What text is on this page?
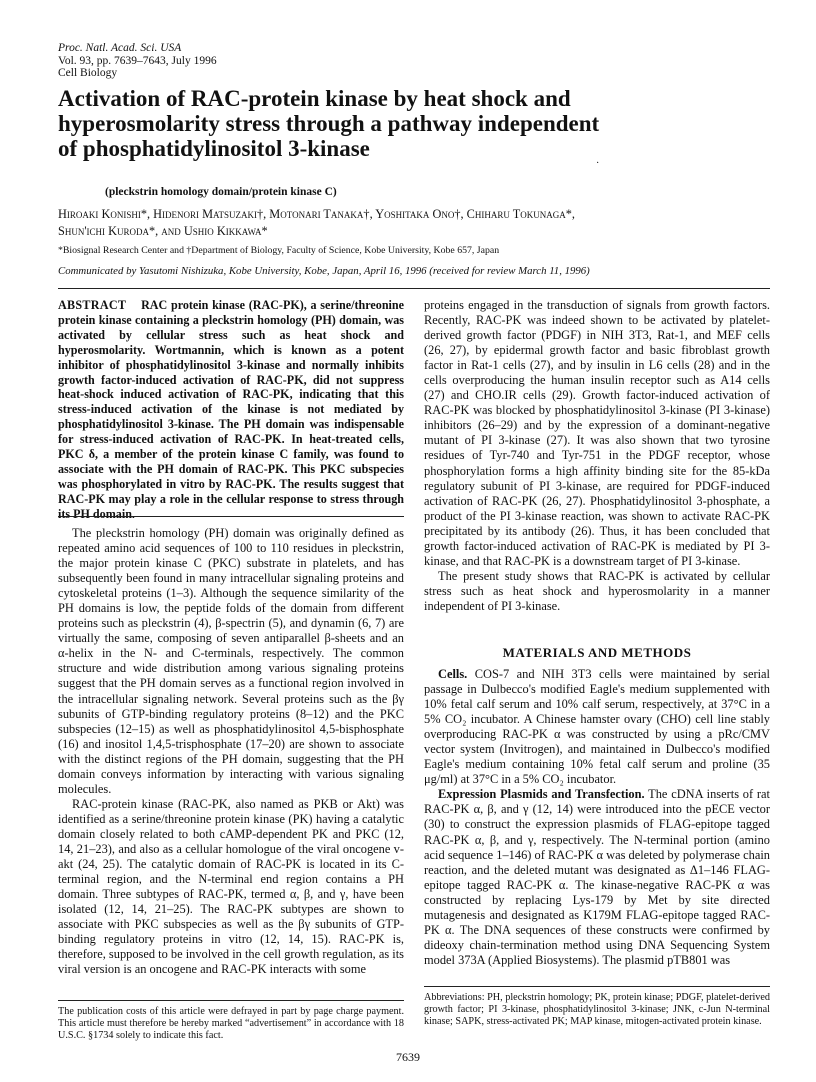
Proc. Natl. Acad. Sci. USA
Vol. 93, pp. 7639–7643, July 1996
Cell Biology
Activation of RAC-protein kinase by heat shock and
hyperosmolarity stress through a pathway independent
of phosphatidylinositol 3-kinase
·
(pleckstrin homology domain/protein kinase C)
Hiroaki Konishi*, Hidenori Matsuzaki†, Motonari Tanaka†, Yoshitaka Ono†, Chiharu Tokunaga*,
Shun'ichi Kuroda*, and Ushio Kikkawa*
*Biosignal Research Center and †Department of Biology, Faculty of Science, Kobe University, Kobe 657, Japan
Communicated by Yasutomi Nishizuka, Kobe University, Kobe, Japan, April 16, 1996 (received for review March 11, 1996)
ABSTRACT RAC protein kinase (RAC-PK), a serine/threonine protein kinase containing a pleckstrin homology (PH) domain, was activated by cellular stress such as heat shock and hyperosmolarity. Wortmannin, which is known as a potent inhibitor of phosphatidylinositol 3-kinase and normally inhibits growth factor-induced activation of RAC-PK, did not suppress heat-shock induced activation of RAC-PK, indicating that this stress-induced activation of the kinase is not mediated by phosphatidylinositol 3-kinase. The PH domain was indispensable for stress-induced activation of RAC-PK. In heat-treated cells, PKC δ, a member of the protein kinase C family, was found to associate with the PH domain of RAC-PK. This PKC subspecies was phosphorylated in vitro by RAC-PK. The results suggest that RAC-PK may play a role in the cellular response to stress through its PH domain.

The pleckstrin homology (PH) domain was originally defined as repeated amino acid sequences of 100 to 110 residues in pleckstrin, the major protein kinase C (PKC) substrate in platelets, and has subsequently been found in many intracellular signaling proteins and cytoskeletal proteins (1–3). Although the sequence similarity of the PH domains is low, the peptide folds of the domain from different proteins such as pleckstrin (4), β-spectrin (5), and dynamin (6, 7) are virtually the same, composing of seven antiparallel β-sheets and an α-helix in the N- and C-terminals, respectively. The common structure and wide distribution among various signaling proteins suggest that the PH domain serves as a functional region involved in the intracellular signaling network. Several proteins such as the βγ subunits of GTP-binding regulatory proteins (8–12) and the PKC subspecies (12–15) as well as phosphatidylinositol 4,5-bisphosphate (16) and inositol 1,4,5-trisphosphate (17–20) are shown to associate with the distinct regions of the PH domain, suggesting that the PH domain conveys information by interacting with various signaling molecules.

RAC-protein kinase (RAC-PK, also named as PKB or Akt) was identified as a serine/threonine protein kinase (PK) having a catalytic domain closely related to both cAMP-dependent PK and PKC (12, 14, 21–23), and also as a cellular homologue of the viral oncogene v-akt (24, 25). The catalytic domain of RAC-PK is located in its C-terminal region, and the N-terminal end region contains a PH domain. Three subtypes of RAC-PK, termed α, β, and γ, have been isolated (12, 14, 21–25). The RAC-PK subtypes are shown to associate with PKC subspecies as well as the βγ subunits of GTP-binding regulatory proteins in vitro (12, 14, 15). RAC-PK is, therefore, supposed to be involved in the cell growth regulation, as its viral version is an oncogene and RAC-PK interacts with some

proteins engaged in the transduction of signals from growth factors. Recently, RAC-PK was indeed shown to be activated by platelet-derived growth factor (PDGF) in NIH 3T3, Rat-1, and MEF cells (26, 27), by epidermal growth factor and basic fibroblast growth factor in Rat-1 cells (27), and by insulin in L6 cells (28) and in the cells overproducing the human insulin receptor such as A14 cells (27) and CHO.IR cells (29). Growth factor-induced activation of RAC-PK was blocked by phosphatidylinositol 3-kinase (PI 3-kinase) inhibitors (26–29) and by the expression of a dominant-negative mutant of PI 3-kinase (27). It was also shown that two tyrosine residues of Tyr-740 and Tyr-751 in the PDGF receptor, whose phosphorylation forms a high affinity binding site for the 85-kDa regulatory subunit of PI 3-kinase, are required for PDGF-induced activation of RAC-PK (26, 27). Phosphatidylinositol 3-phosphate, a product of the PI 3-kinase reaction, was shown to activate RAC-PK precipitated by its antibody (26). Thus, it has been concluded that growth factor-induced activation of RAC-PK is mediated by PI 3-kinase, and that RAC-PK is a downstream target of PI 3-kinase.

The present study shows that RAC-PK is activated by cellular stress such as heat shock and hyperosmolarity in a manner independent of PI 3-kinase.

MATERIALS AND METHODS

Cells. COS-7 and NIH 3T3 cells were maintained by serial passage in Dulbecco's modified Eagle's medium supplemented with 10% fetal calf serum and 10% calf serum, respectively, at 37°C in a 5% CO₂ incubator. A Chinese hamster ovary (CHO) cell line stably overproducing RAC-PK α was constructed by using a pRc/CMV vector system (Invitrogen), and maintained in Dulbecco's modified Eagle's medium containing 10% fetal calf serum and proline (35 μg/ml) at 37°C in a 5% CO₂ incubator.

Expression Plasmids and Transfection. The cDNA inserts of rat RAC-PK α, β, and γ (12, 14) were introduced into the pECE vector (30) to construct the expression plasmids of FLAG-epitope tagged RAC-PK α, β, and γ, respectively. The N-terminal portion (amino acid sequence 1–146) of RAC-PK α was deleted by polymerase chain reaction, and the deleted mutant was designated as Δ1–146 FLAG-epitope tagged RAC-PK α. The kinase-negative RAC-PK α was constructed by replacing Lys-179 by Met by site directed mutagenesis and designated as K179M FLAG-epitope tagged RAC-PK α. The DNA sequences of these constructs were confirmed by dideoxy chain-termination method using DNA Sequencing System model 373A (Applied Biosystems). The plasmid pTB801 was

The publication costs of this article were defrayed in part by page charge payment. This article must therefore be hereby marked “advertisement” in accordance with 18 U.S.C. §1734 solely to indicate this fact.
Abbreviations: PH, pleckstrin homology; PK, protein kinase; PDGF, platelet-derived growth factor; PI 3-kinase, phosphatidylinositol 3-kinase; JNK, c-Jun N-terminal kinase; SAPK, stress-activated PK; MAP kinase, mitogen-activated protein kinase.
7639
